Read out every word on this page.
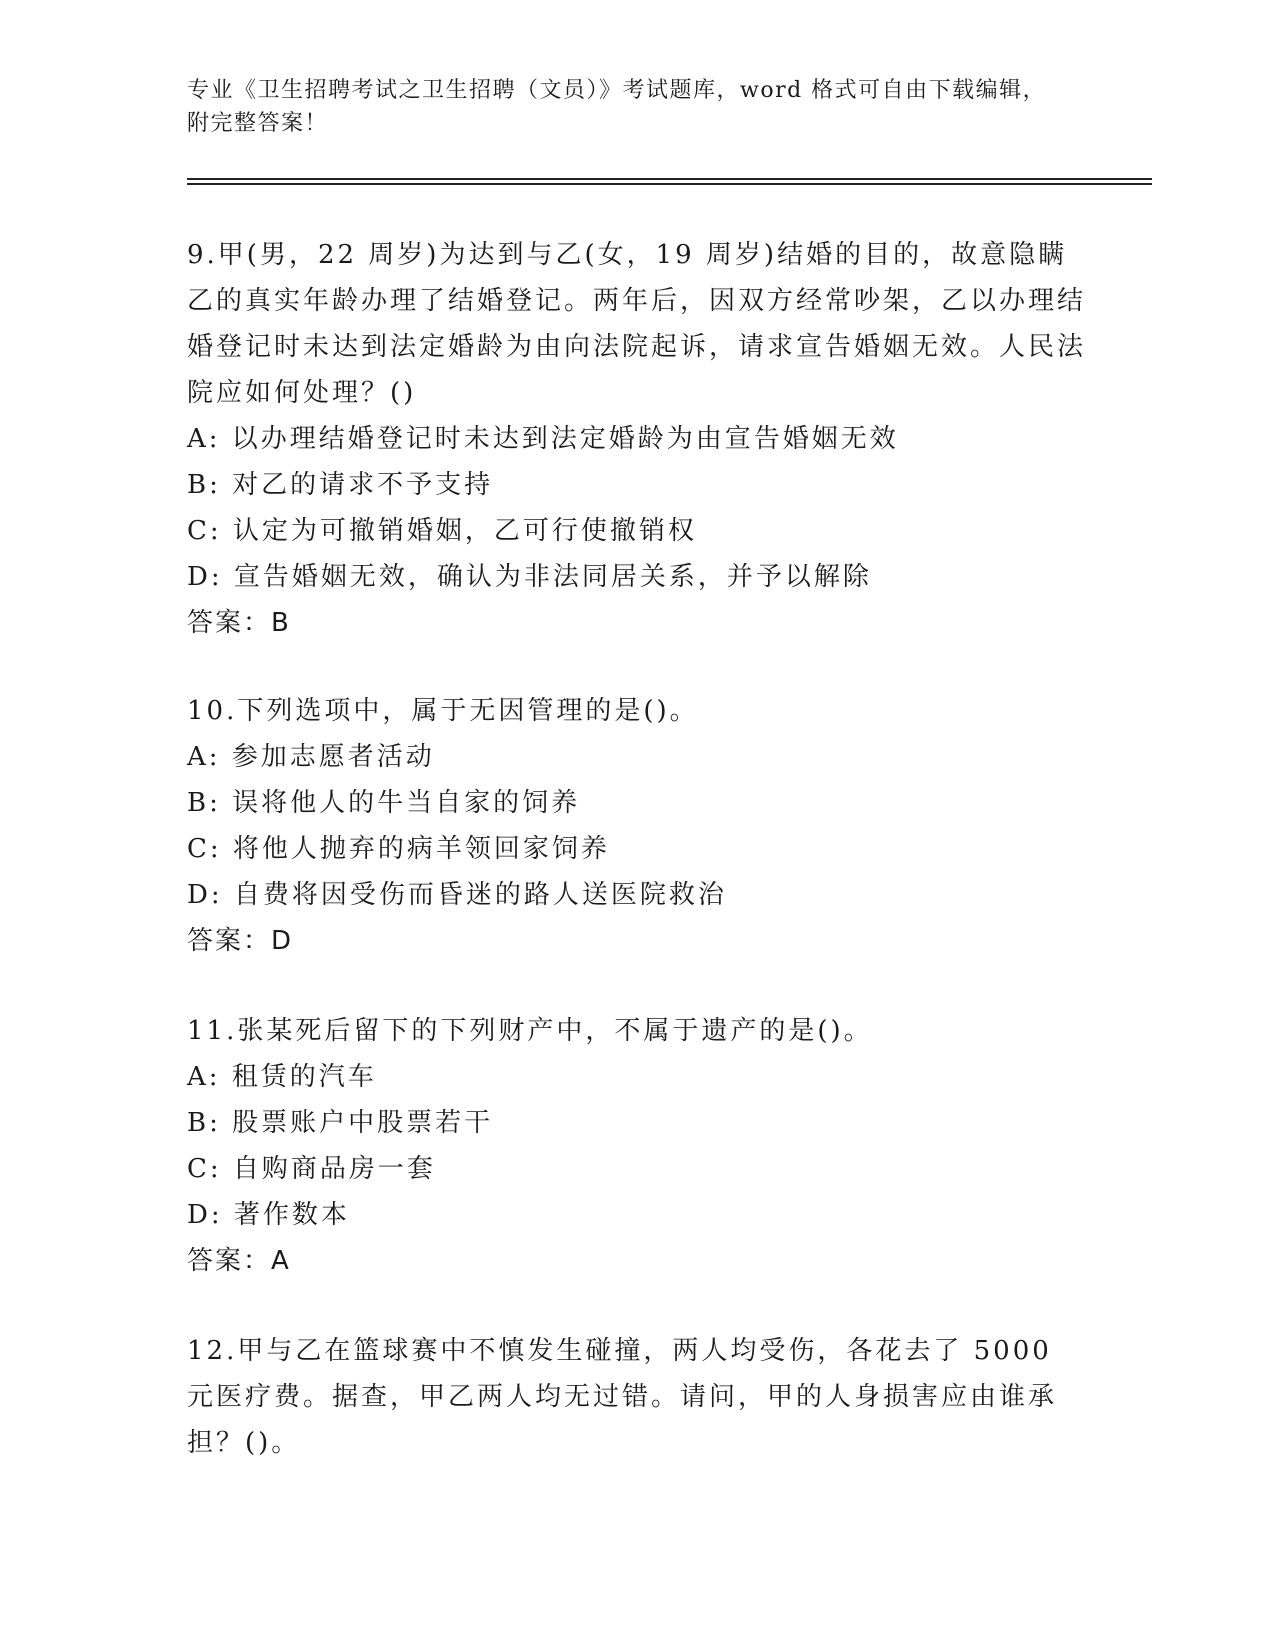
专业《卫生招聘考试之卫生招聘（文员）》考试题库，word 格式可自由下载编辑，附完整答案！

9.甲(男，22 周岁)为达到与乙(女，19 周岁)结婚的目的，故意隐瞒乙的真实年龄办理了结婚登记。两年后，因双方经常吵架，乙以办理结婚登记时未达到法定婚龄为由向法院起诉，请求宣告婚姻无效。人民法院应如何处理？()

A: 以办理结婚登记时未达到法定婚龄为由宣告婚姻无效

B: 对乙的请求不予支持

C: 认定为可撤销婚姻，乙可行使撤销权

D: 宣告婚姻无效，确认为非法同居关系，并予以解除

答案：B

10.下列选项中，属于无因管理的是()。

A: 参加志愿者活动

B: 误将他人的牛当自家的饲养

C: 将他人抛弃的病羊领回家饲养

D: 自费将因受伤而昏迷的路人送医院救治

答案：D

11.张某死后留下的下列财产中，不属于遗产的是()。

A: 租赁的汽车

B: 股票账户中股票若干

C: 自购商品房一套

D: 著作数本

答案：A

12.甲与乙在篮球赛中不慎发生碰撞，两人均受伤，各花去了 5000 元医疗费。据查，甲乙两人均无过错。请问，甲的人身损害应由谁承担？()。
